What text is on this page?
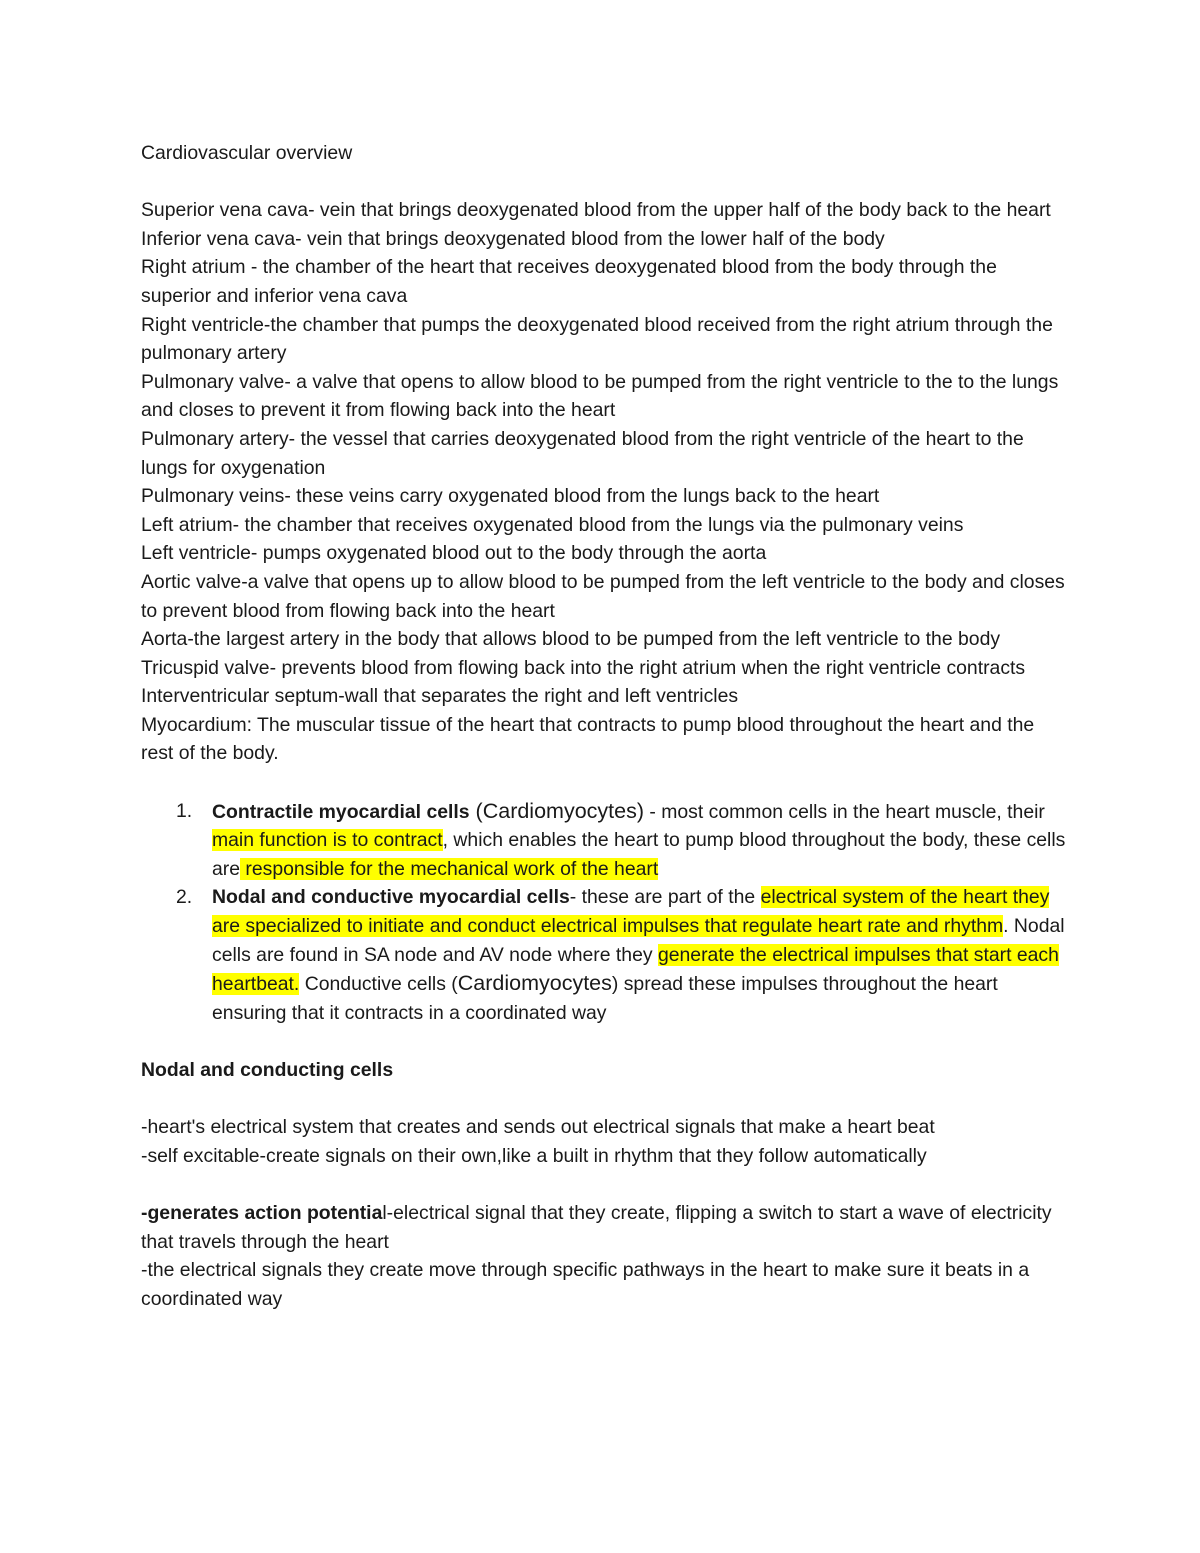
Cardiovascular overview

Superior vena cava- vein that brings deoxygenated blood from the upper half of the body back to the heart

Inferior vena cava- vein that brings deoxygenated blood from the lower half of the body

Right atrium - the chamber of the heart that receives deoxygenated blood from the body through the superior and inferior vena cava

Right ventricle-the chamber that pumps the deoxygenated blood received from the right atrium through the pulmonary artery

Pulmonary valve- a valve that opens to allow blood to be pumped from the right ventricle to the to the lungs and closes to prevent it from flowing back into the heart

Pulmonary artery- the vessel that carries deoxygenated blood from the right ventricle of the heart to the lungs for oxygenation

Pulmonary veins- these veins carry oxygenated blood from the lungs back to the heart

Left atrium- the chamber that receives oxygenated blood from the lungs via the pulmonary veins

Left ventricle- pumps oxygenated blood out to the body through the aorta

Aortic valve-a valve that opens up to allow blood to be pumped from the left ventricle to the body and closes to prevent blood from flowing back into the heart

Aorta-the largest artery in the body that allows blood to be pumped from the left ventricle to the body

Tricuspid valve- prevents blood from flowing back into the right atrium when the right ventricle contracts

Interventricular septum-wall that separates the right and left ventricles

Myocardium: The muscular tissue of the heart that contracts to pump blood throughout the heart and the rest of the body.

1. Contractile myocardial cells (Cardiomyocytes) - most common cells in the heart muscle, their main function is to contract, which enables the heart to pump blood throughout the body, these cells are responsible for the mechanical work of the heart
2. Nodal and conductive myocardial cells- these are part of the electrical system of the heart they are specialized to initiate and conduct electrical impulses that regulate heart rate and rhythm. Nodal cells are found in SA node and AV node where they generate the electrical impulses that start each heartbeat. Conductive cells (Cardiomyocytes) spread these impulses throughout the heart ensuring that it contracts in a coordinated way

Nodal and conducting cells

-heart's electrical system that creates and sends out electrical signals that make a heart beat

-self excitable-create signals on their own,like a built in rhythm that they follow automatically

-generates action potential-electrical signal that they create, flipping a switch to start a wave of electricity that travels through the heart

-the electrical signals they create move through specific pathways in the heart to make sure it beats in a coordinated way
